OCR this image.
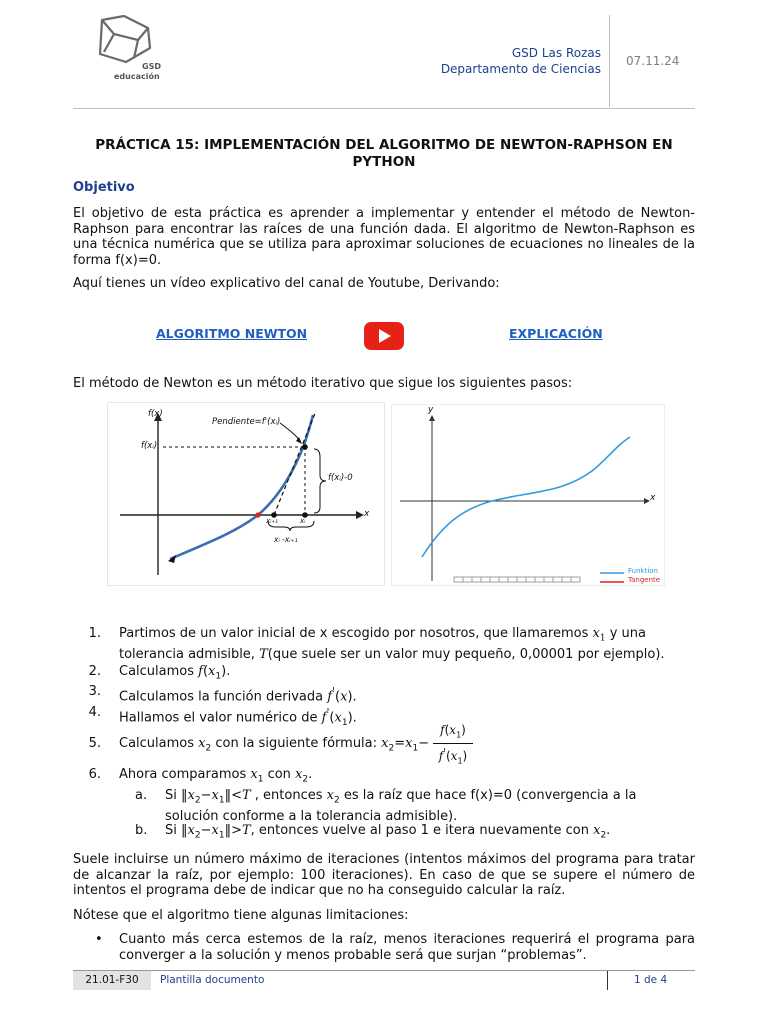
GSD
educación
GSD Las Rozas
Departamento de Ciencias
07.11.24
PRÁCTICA 15: IMPLEMENTACIÓN DEL ALGORITMO DE NEWTON-RAPHSON EN
PYTHON
Objetivo
El objetivo de esta práctica es aprender a implementar y entender el método de Newton-Raphson para encontrar las raíces de una función dada. El algoritmo de Newton-Raphson es una técnica numérica que se utiliza para aproximar soluciones de ecuaciones no lineales de la forma f(x)=0.
Aquí tienes un vídeo explicativo del canal de Youtube, Derivando:
ALGORITMO NEWTON	EXPLICACIÓN
El método de Newton es un método iterativo que sigue los siguientes pasos:
f(x)
f(xᵢ)
Pendiente=f'(xᵢ)
f(xᵢ)-0
x
xᵢ₊₁	xᵢ
xᵢ -xᵢ₊₁
y
x
Funktion
Tangente
1. Partimos de un valor inicial de x escogido por nosotros, que llamaremos $x_1$ y una
tolerancia admisible, T(que suele ser un valor muy pequeño, 0,00001 por ejemplo).
2. Calculamos $f(x_1)$.
3. Calculamos la función derivada f'(x).
4. Hallamos el valor numérico de $f'(x_1)$.
5. Calculamos $x_2$ con la siguiente fórmula: $x_2=x_1-$
$f(x_1)$
$f'(x_1)$
6. Ahora comparamos $x_1$ con $x_2$.
a. Si $‖x_2-x_1‖<T$ , entonces $x_2$ es la raíz que hace f(x)=0 (convergencia a la
solución conforme a la tolerancia admisible).
b. Si $‖x_2-x_1‖>T$, entonces vuelve al paso 1 e itera nuevamente con $x_2$.
Suele incluirse un número máximo de iteraciones (intentos máximos del programa para tratar de alcanzar la raíz, por ejemplo: 100 iteraciones). En caso de que se supere el número de intentos el programa debe de indicar que no ha conseguido calcular la raíz.
Nótese que el algoritmo tiene algunas limitaciones:
• Cuanto más cerca estemos de la raíz, menos iteraciones requerirá el programa para converger a la solución y menos probable será que surjan “problemas”.
21.01-F30	Plantilla documento	1 de 4
